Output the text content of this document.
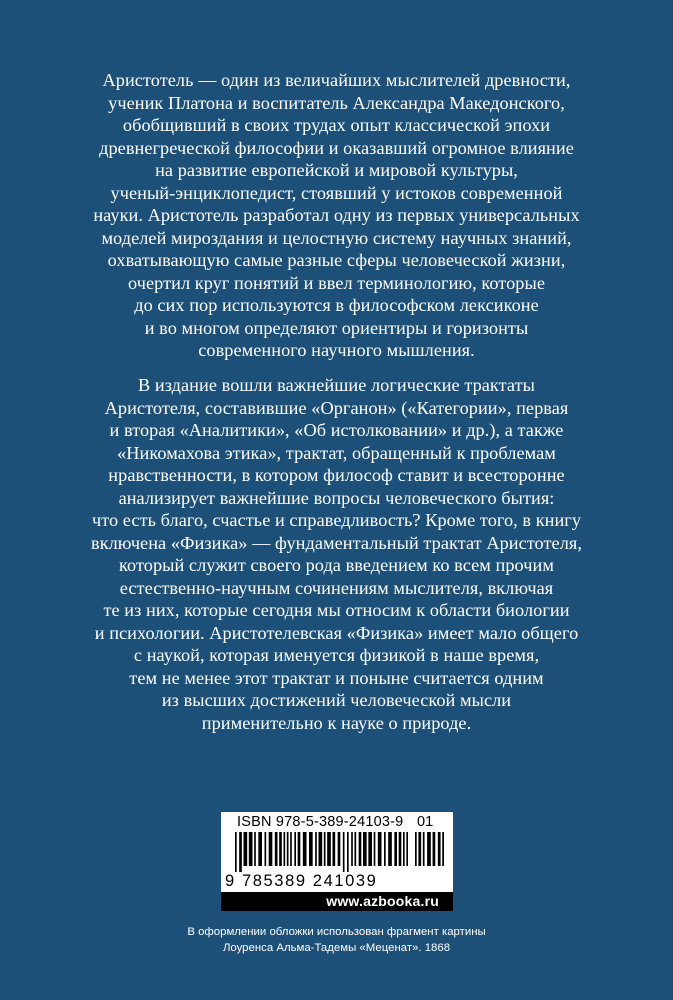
Аристотель — один из величайших мыслителей древности,
ученик Платона и воспитатель Александра Македонского,
обобщивший в своих трудах опыт классической эпохи
древнегреческой философии и оказавший огромное влияние
на развитие европейской и мировой культуры,
ученый-энциклопедист, стоявший у истоков современной
науки. Аристотель разработал одну из первых универсальных
моделей мироздания и целостную систему научных знаний,
охватывающую самые разные сферы человеческой жизни,
очертил круг понятий и ввел терминологию, которые
до сих пор используются в философском лексиконе
и во многом определяют ориентиры и горизонты
современного научного мышления.
В издание вошли важнейшие логические трактаты
Аристотеля, составившие «Органон» («Категории», первая
и вторая «Аналитики», «Об истолковании» и др.), а также
«Никомахова этика», трактат, обращенный к проблемам
нравственности, в котором философ ставит и всесторонне
анализирует важнейшие вопросы человеческого бытия:
что есть благо, счастье и справедливость? Кроме того, в книгу
включена «Физика» — фундаментальный трактат Аристотеля,
который служит своего рода введением ко всем прочим
естественно-научным сочинениям мыслителя, включая
те из них, которые сегодня мы относим к области биологии
и психологии. Аристотелевская «Физика» имеет мало общего
с наукой, которая именуется физикой в наше время,
тем не менее этот трактат и поныне считается одним
из высших достижений человеческой мысли
применительно к науке о природе.
ISBN 978-5-389-24103-9 01
9 785389 241039
www.azbooka.ru
В оформлении обложки использован фрагмент картины
Лоуренса Альма-Тадемы «Меценат». 1868
